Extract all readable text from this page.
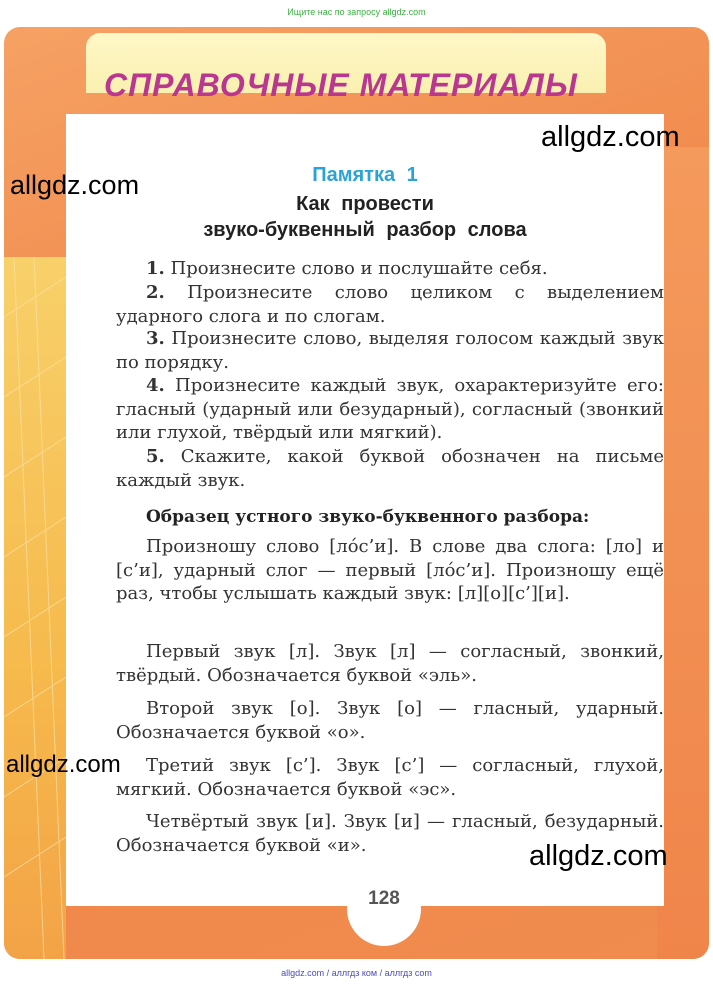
Ищите нас по запросу allgdz.com
СПРАВОЧНЫЕ МАТЕРИАЛЫ
Памятка 1
Как провести
звуко-буквенный разбор слова

1. Произнесите слово и послушайте себя.

2. Произнесите слово целиком с выделением ударного слога и по слогам.

3. Произнесите слово, выделяя голосом каждый звук по порядку.

4. Произнесите каждый звук, охарактеризуйте его: гласный (ударный или безударный), согласный (звонкий или глухой, твёрдый или мягкий).

5. Скажите, какой буквой обозначен на письме каждый звук.

Образец устного звуко-буквенного разбора:

Произношу слово [ло́с’и]. В слове два слога: [ло] и [с’и], ударный слог — первый [ло́с’и]. Произношу ещё раз, чтобы услышать каждый звук: [л][о][с’][и].

Первый звук [л]. Звук [л] — согласный, звонкий, твёрдый. Обозначается буквой «эль».

Второй звук [о]. Звук [о] — гласный, ударный. Обозначается буквой «о».

Третий звук [с’]. Звук [с’] — согласный, глухой, мягкий. Обозначается буквой «эс».

Четвёртый звук [и]. Звук [и] — гласный, безударный. Обозначается буквой «и».

128
allgdz.com
allgdz.com
allgdz.com
allgdz.com
allgdz.com / аллгдз ком / аллгдз com
